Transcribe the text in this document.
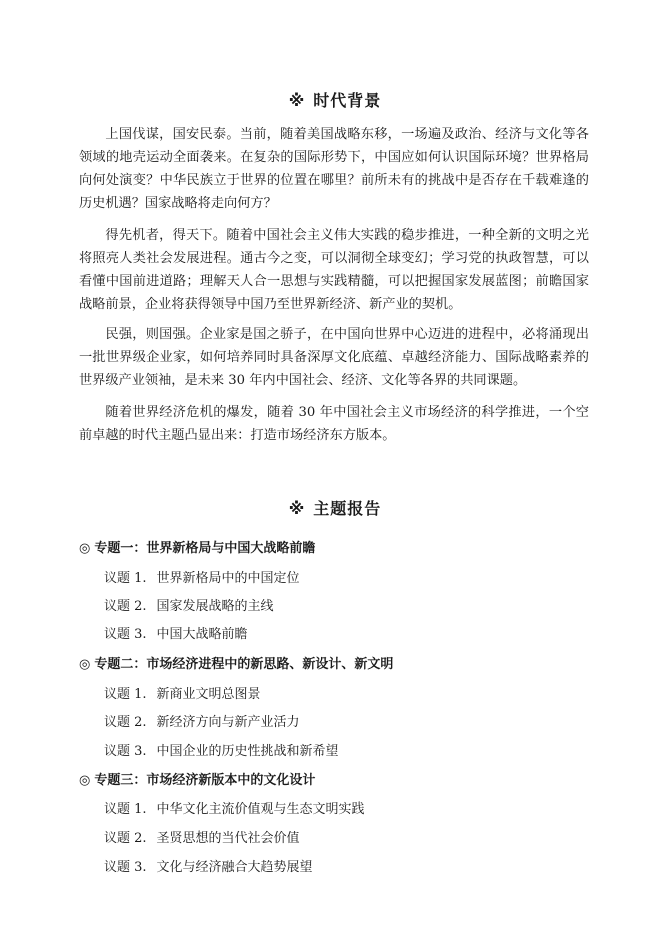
※ 时代背景

上国伐谋，国安民泰。当前，随着美国战略东移，一场遍及政治、经济与文化等各领域的地壳运动全面袭来。在复杂的国际形势下，中国应如何认识国际环境？世界格局向何处演变？中华民族立于世界的位置在哪里？前所未有的挑战中是否存在千载难逢的历史机遇？国家战略将走向何方？

得先机者，得天下。随着中国社会主义伟大实践的稳步推进，一种全新的文明之光将照亮人类社会发展进程。通古今之变，可以洞彻全球变幻；学习党的执政智慧，可以看懂中国前进道路；理解天人合一思想与实践精髓，可以把握国家发展蓝图；前瞻国家战略前景，企业将获得领导中国乃至世界新经济、新产业的契机。

民强，则国强。企业家是国之骄子，在中国向世界中心迈进的进程中，必将涌现出一批世界级企业家，如何培养同时具备深厚文化底蕴、卓越经济能力、国际战略素养的世界级产业领袖，是未来 30 年内中国社会、经济、文化等各界的共同课题。

随着世界经济危机的爆发，随着 30 年中国社会主义市场经济的科学推进，一个空前卓越的时代主题凸显出来：打造市场经济东方版本。

※ 主题报告
◎ 专题一：世界新格局与中国大战略前瞻
议题 1. 世界新格局中的中国定位
议题 2. 国家发展战略的主线
议题 3. 中国大战略前瞻
◎ 专题二：市场经济进程中的新思路、新设计、新文明
议题 1. 新商业文明总图景
议题 2. 新经济方向与新产业活力
议题 3. 中国企业的历史性挑战和新希望
◎ 专题三：市场经济新版本中的文化设计
议题 1. 中华文化主流价值观与生态文明实践
议题 2. 圣贤思想的当代社会价值
议题 3. 文化与经济融合大趋势展望
